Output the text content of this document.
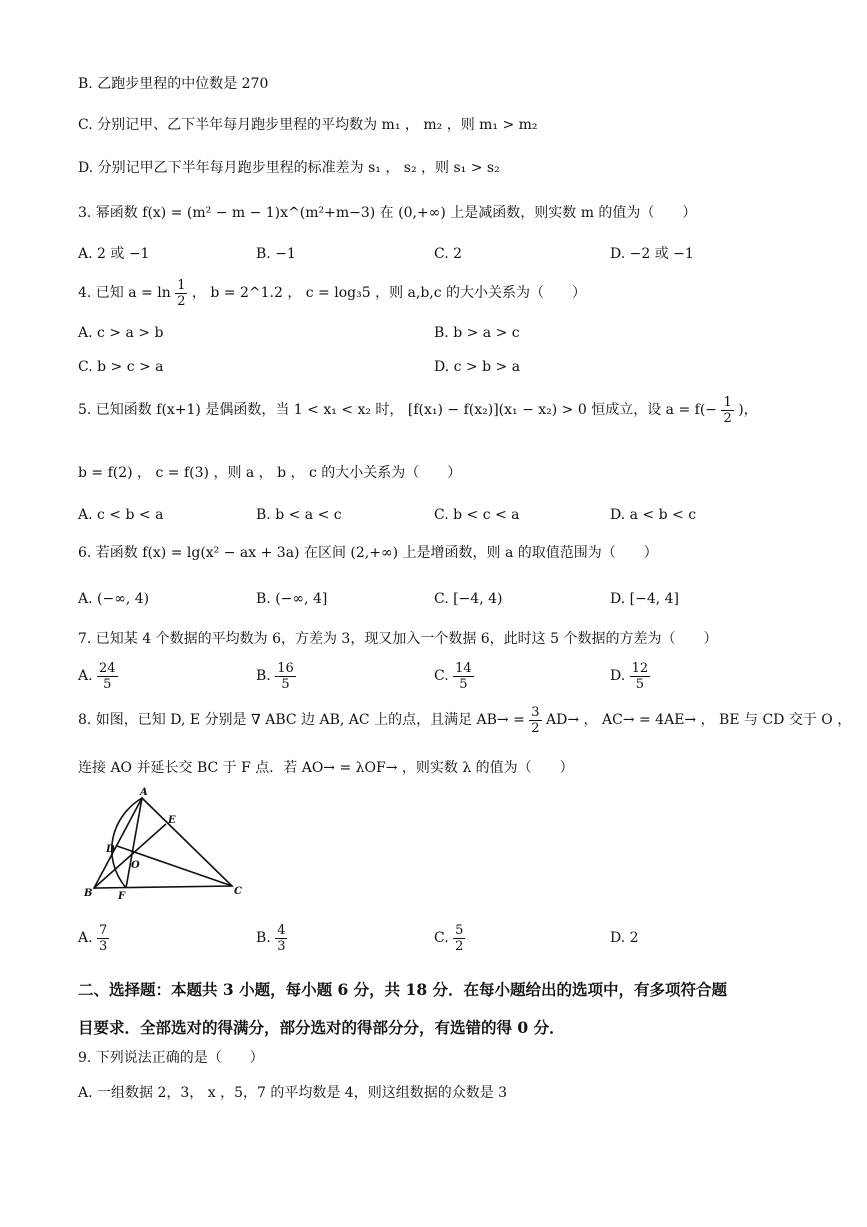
B. 乙跑步里程的中位数是 270
C. 分别记甲、乙下半年每月跑步里程的平均数为 m₁ ， m₂ ，则 m₁ > m₂
D. 分别记甲乙下半年每月跑步里程的标准差为 s₁ ， s₂ ，则 s₁ > s₂
3. 幂函数 f(x) = (m² − m − 1)x^(m²+m−3) 在 (0,+∞) 上是减函数，则实数 m 的值为（　　）
A. 2 或 −1	B. −1	C. 2	D. −2 或 −1
4. 已知 $a = \ln \frac{1}{2}$ ， b = 2^1.2 ， c = log₃5 ，则 a,b,c 的大小关系为（　　）
A. c > a > b	B. b > a > c
C. b > c > a	D. c > b > a
5. 已知函数 f(x+1) 是偶函数，当 1 < x₁ < x₂ 时， [f(x₁) − f(x₂)](x₁ − x₂) > 0 恒成立，设 $a = f(- \frac{1}{2}$ )，
b = f(2) ， c = f(3) ，则 a ， b ， c 的大小关系为（　　）
A. c < b < a	B. b < a < c	C. b < c < a	D. a < b < c
6. 若函数 f(x) = lg(x² − ax + 3a) 在区间 (2,+∞) 上是增函数，则 a 的取值范围为（　　）
A. (−∞, 4)	B. (−∞, 4]	C. [−4, 4)	D. [−4, 4]
7. 已知某 4 个数据的平均数为 6，方差为 3，现又加入一个数据 6，此时这 5 个数据的方差为（　　）
A. $\frac{24}{5}$	B. $\frac{16}{5}$	C. $\frac{14}{5}$	D. $\frac{12}{5}$
8. 如图，已知 D, E 分别是 ∇ ABC 边 AB, AC 上的点，且满足 $AB\to = \frac{3}{2} AD\to$ ， AC→ = 4AE→ ， BE 与 CD 交于 O ，
连接 AO 并延长交 BC 于 F 点．若 AO→ = λOF→ ，则实数 λ 的值为（　　）
A
E
D
O
B	F	C
A. $\frac{7}{3}$	B. $\frac{4}{3}$	C. $\frac{5}{2}$	D. 2
二、选择题：本题共 3 小题，每小题 6 分，共 18 分．在每小题给出的选项中，有多项符合题
目要求．全部选对的得满分，部分选对的得部分分，有选错的得 0 分．
9. 下列说法正确的是（　　）
A. 一组数据 2，3， x ，5，7 的平均数是 4，则这组数据的众数是 3
